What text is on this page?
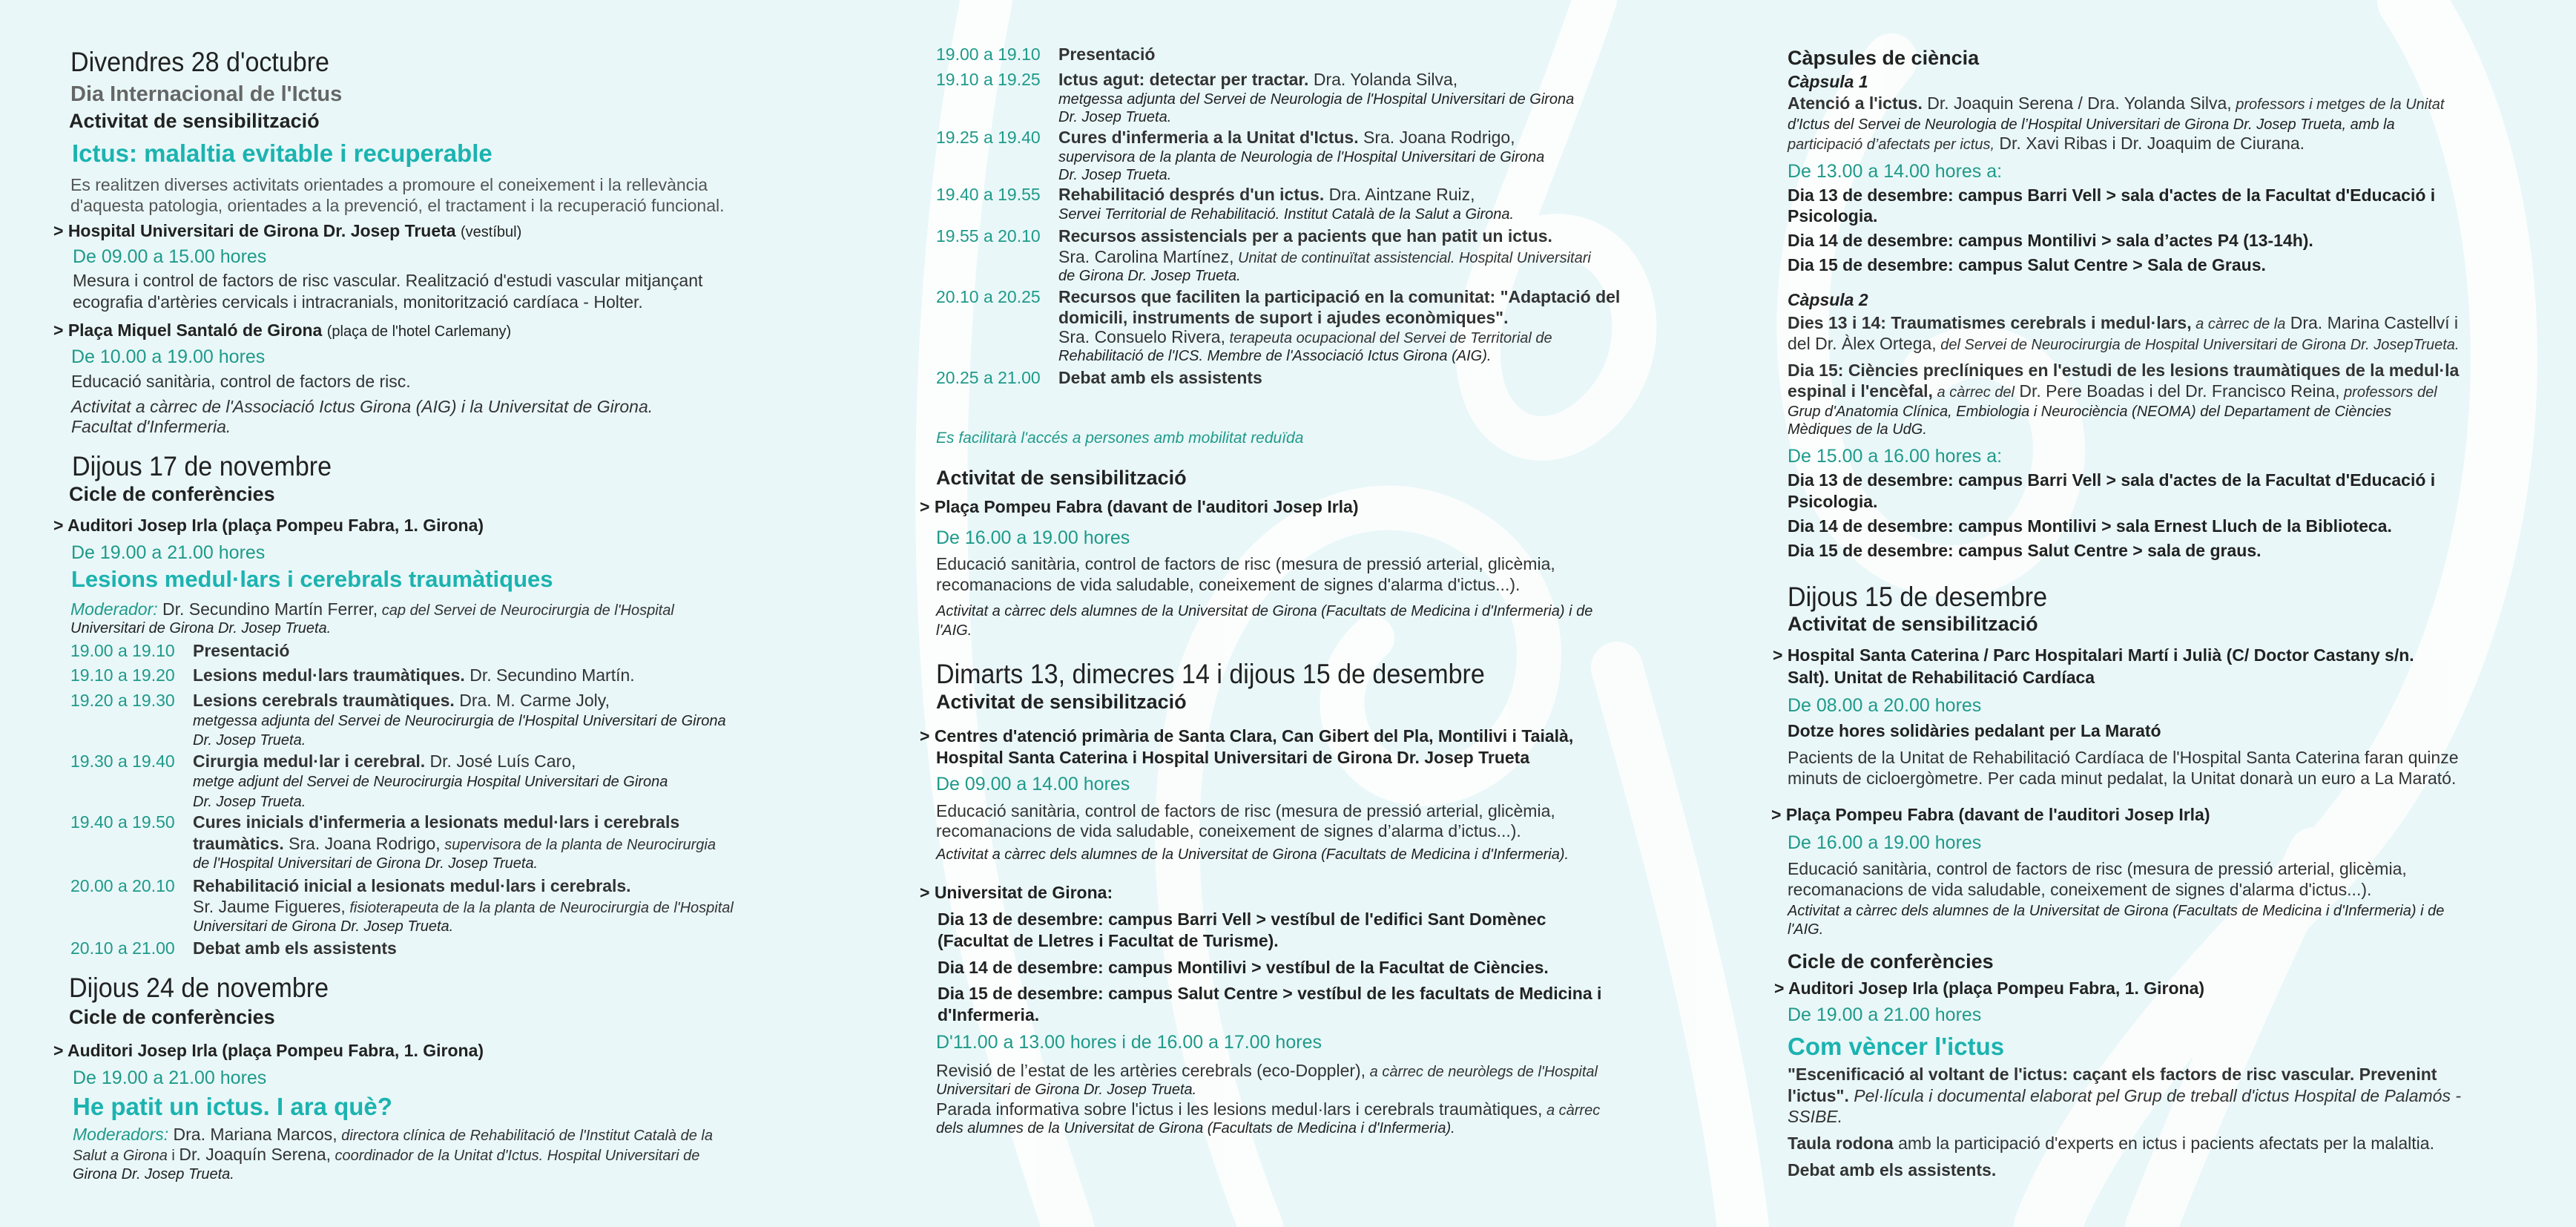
Divendres 28 d'octubre
Dia Internacional de l'Ictus
Activitat de sensibilització
Ictus: malaltia evitable i recuperable
Es realitzen diverses activitats orientades a promoure el coneixement i la rellevància
d'aquesta patologia, orientades a la prevenció, el tractament i la recuperació funcional.
> Hospital Universitari de Girona Dr. Josep Trueta (vestíbul)
De 09.00 a 15.00 hores
Mesura i control de factors de risc vascular. Realització d'estudi vascular mitjançant
ecografia d'artèries cervicals i intracranials, monitorització cardíaca - Holter.
> Plaça Miquel Santaló de Girona (plaça de l'hotel Carlemany)
De 10.00 a 19.00 hores
Educació sanitària, control de factors de risc.
Activitat a càrrec de l'Associació Ictus Girona (AIG) i la Universitat de Girona.
Facultat d'Infermeria.
Dijous 17 de novembre
Cicle de conferències
> Auditori Josep Irla (plaça Pompeu Fabra, 1. Girona)
De 19.00 a 21.00 hores
Lesions medul·lars i cerebrals traumàtiques
Moderador: Dr. Secundino Martín Ferrer, cap del Servei de Neurocirurgia de l'Hospital
Universitari de Girona Dr. Josep Trueta.
19.00 a 19.10 Presentació
19.10 a 19.20 Lesions medul·lars traumàtiques. Dr. Secundino Martín.
19.20 a 19.30 Lesions cerebrals traumàtiques. Dra. M. Carme Joly,
metgessa adjunta del Servei de Neurocirurgia de l'Hospital Universitari de Girona
Dr. Josep Trueta.
19.30 a 19.40 Cirurgia medul·lar i cerebral. Dr. José Luís Caro,
metge adjunt del Servei de Neurocirurgia Hospital Universitari de Girona
Dr. Josep Trueta.
19.40 a 19.50 Cures inicials d'infermeria a lesionats medul·lars i cerebrals
traumàtics. Sra. Joana Rodrigo, supervisora de la planta de Neurocirurgia
de l'Hospital Universitari de Girona Dr. Josep Trueta.
20.00 a 20.10 Rehabilitació inicial a lesionats medul·lars i cerebrals.
Sr. Jaume Figueres, fisioterapeuta de la la planta de Neurocirurgia de l'Hospital
Universitari de Girona Dr. Josep Trueta.
20.10 a 21.00 Debat amb els assistents
Dijous 24 de novembre
Cicle de conferències
> Auditori Josep Irla (plaça Pompeu Fabra, 1. Girona)
De 19.00 a 21.00 hores
He patit un ictus. I ara què?
Moderadors: Dra. Mariana Marcos, directora clínica de Rehabilitació de l'Institut Català de la
Salut a Girona i Dr. Joaquín Serena, coordinador de la Unitat d'Ictus. Hospital Universitari de
Girona Dr. Josep Trueta.
19.00 a 19.10 Presentació
19.10 a 19.25 Ictus agut: detectar per tractar. Dra. Yolanda Silva,
metgessa adjunta del Servei de Neurologia de l'Hospital Universitari de Girona
Dr. Josep Trueta.
19.25 a 19.40 Cures d'infermeria a la Unitat d'Ictus. Sra. Joana Rodrigo,
supervisora de la planta de Neurologia de l'Hospital Universitari de Girona
Dr. Josep Trueta.
19.40 a 19.55 Rehabilitació després d'un ictus. Dra. Aintzane Ruiz,
Servei Territorial de Rehabilitació. Institut Català de la Salut a Girona.
19.55 a 20.10 Recursos assistencials per a pacients que han patit un ictus.
Sra. Carolina Martínez, Unitat de continuïtat assistencial. Hospital Universitari
de Girona Dr. Josep Trueta.
20.10 a 20.25 Recursos que faciliten la participació en la comunitat: "Adaptació del
domicili, instruments de suport i ajudes econòmiques".
Sra. Consuelo Rivera, terapeuta ocupacional del Servei de Territorial de
Rehabilitació de l'ICS. Membre de l'Associació Ictus Girona (AIG).
20.25 a 21.00 Debat amb els assistents
Es facilitarà l'accés a persones amb mobilitat reduïda
Activitat de sensibilització
> Plaça Pompeu Fabra (davant de l'auditori Josep Irla)
De 16.00 a 19.00 hores
Educació sanitària, control de factors de risc (mesura de pressió arterial, glicèmia,
recomanacions de vida saludable, coneixement de signes d'alarma d'ictus...).
Activitat a càrrec dels alumnes de la Universitat de Girona (Facultats de Medicina i d'Infermeria) i de
l'AIG.
Dimarts 13, dimecres 14 i dijous 15 de desembre
Activitat de sensibilització
> Centres d'atenció primària de Santa Clara, Can Gibert del Pla, Montilivi i Taialà,
Hospital Santa Caterina i Hospital Universitari de Girona Dr. Josep Trueta
De 09.00 a 14.00 hores
Educació sanitària, control de factors de risc (mesura de pressió arterial, glicèmia,
recomanacions de vida saludable, coneixement de signes d’alarma d’ictus...).
Activitat a càrrec dels alumnes de la Universitat de Girona (Facultats de Medicina i d'Infermeria).
> Universitat de Girona:
Dia 13 de desembre: campus Barri Vell > vestíbul de l'edifici Sant Domènec
(Facultat de Lletres i Facultat de Turisme).
Dia 14 de desembre: campus Montilivi > vestíbul de la Facultat de Ciències.
Dia 15 de desembre: campus Salut Centre > vestíbul de les facultats de Medicina i
d'Infermeria.
D'11.00 a 13.00 hores i de 16.00 a 17.00 hores
Revisió de l’estat de les artèries cerebrals (eco-Doppler), a càrrec de neuròlegs de l'Hospital
Universitari de Girona Dr. Josep Trueta.
Parada informativa sobre l'ictus i les lesions medul·lars i cerebrals traumàtiques, a càrrec
dels alumnes de la Universitat de Girona (Facultats de Medicina i d'Infermeria).
Càpsules de ciència
Càpsula 1
Atenció a l'ictus. Dr. Joaquin Serena / Dra. Yolanda Silva, professors i metges de la Unitat
d'Ictus del Servei de Neurologia de l’Hospital Universitari de Girona Dr. Josep Trueta, amb la
participació d’afectats per ictus, Dr. Xavi Ribas i Dr. Joaquim de Ciurana.
De 13.00 a 14.00 hores a:
Dia 13 de desembre: campus Barri Vell > sala d'actes de la Facultat d'Educació i
Psicologia.
Dia 14 de desembre: campus Montilivi > sala d’actes P4 (13-14h).
Dia 15 de desembre: campus Salut Centre > Sala de Graus.
Càpsula 2
Dies 13 i 14: Traumatismes cerebrals i medul·lars, a càrrec de la Dra. Marina Castellví i
del Dr. Àlex Ortega, del Servei de Neurocirurgia de Hospital Universitari de Girona Dr. JosepTrueta.
Dia 15: Ciències preclíniques en l'estudi de les lesions traumàtiques de la medul·la
espinal i l'encèfal, a càrrec del Dr. Pere Boadas i del Dr. Francisco Reina, professors del
Grup d'Anatomia Clínica, Embiologia i Neurociència (NEOMA) del Departament de Ciències
Mèdiques de la UdG.
De 15.00 a 16.00 hores a:
Dia 13 de desembre: campus Barri Vell > sala d'actes de la Facultat d'Educació i
Psicologia.
Dia 14 de desembre: campus Montilivi > sala Ernest Lluch de la Biblioteca.
Dia 15 de desembre: campus Salut Centre > sala de graus.
Dijous 15 de desembre
Activitat de sensibilització
> Hospital Santa Caterina / Parc Hospitalari Martí i Julià (C/ Doctor Castany s/n.
Salt). Unitat de Rehabilitació Cardíaca
De 08.00 a 20.00 hores
Dotze hores solidàries pedalant per La Marató
Pacients de la Unitat de Rehabilitació Cardíaca de l'Hospital Santa Caterina faran quinze
minuts de cicloergòmetre. Per cada minut pedalat, la Unitat donarà un euro a La Marató.
> Plaça Pompeu Fabra (davant de l'auditori Josep Irla)
De 16.00 a 19.00 hores
Educació sanitària, control de factors de risc (mesura de pressió arterial, glicèmia,
recomanacions de vida saludable, coneixement de signes d'alarma d'ictus...).
Activitat a càrrec dels alumnes de la Universitat de Girona (Facultats de Medicina i d'Infermeria) i de
l'AIG.
Cicle de conferències
> Auditori Josep Irla (plaça Pompeu Fabra, 1. Girona)
De 19.00 a 21.00 hores
Com vèncer l'ictus
"Escenificació al voltant de l'ictus: caçant els factors de risc vascular. Prevenint
l'ictus". Pel·lícula i documental elaborat pel Grup de treball d'ictus Hospital de Palamós -
SSIBE.
Taula rodona amb la participació d'experts en ictus i pacients afectats per la malaltia.
Debat amb els assistents.
